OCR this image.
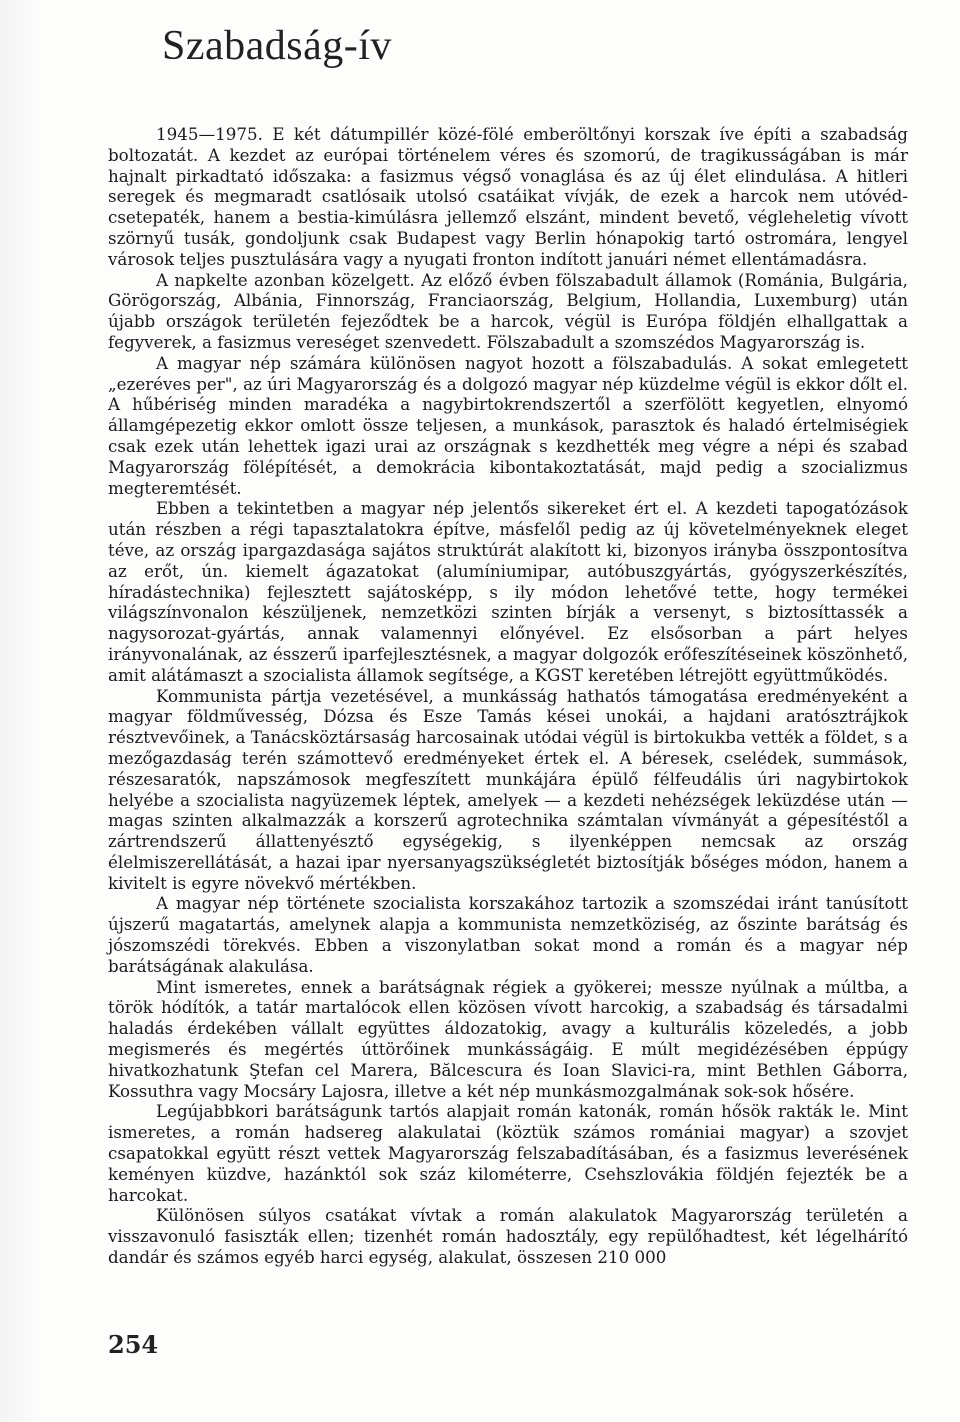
Szabadság-ív

1945—1975. E két dátumpillér közé-fölé emberöltőnyi korszak íve építi a szabadság boltozatát. A kezdet az európai történelem véres és szomorú, de tragikusságában is már hajnalt pirkadtató időszaka: a fasizmus végső vonaglása és az új élet elindulása. A hitleri seregek és megmaradt csatlósaik utolsó csatáikat vívják, de ezek a harcok nem utóvéd-csetepaték, hanem a bestia-kimúlásra jellemző elszánt, mindent bevető, végleheletig vívott szörnyű tusák, gondoljunk csak Budapest vagy Berlin hónapokig tartó ostromára, lengyel városok teljes pusztulására vagy a nyugati fronton indított januári német ellentámadásra.

A napkelte azonban közelgett. Az előző évben fölszabadult államok (Románia, Bulgária, Görögország, Albánia, Finnország, Franciaország, Belgium, Hollandia, Luxemburg) után újabb országok területén fejeződtek be a harcok, végül is Európa földjén elhallgattak a fegyverek, a fasizmus vereséget szenvedett. Fölszabadult a szomszédos Magyarország is.

A magyar nép számára különösen nagyot hozott a fölszabadulás. A sokat emlegetett „ezeréves per", az úri Magyarország és a dolgozó magyar nép küzdelme végül is ekkor dőlt el. A hűbériség minden maradéka a nagybirtokrendszertől a szerfölött kegyetlen, elnyomó államgépezetig ekkor omlott össze teljesen, a munkások, parasztok és haladó értelmiségiek csak ezek után lehettek igazi urai az országnak s kezdhették meg végre a népi és szabad Magyarország fölépítését, a demokrácia kibontakoztatását, majd pedig a szocializmus megteremtését.

Ebben a tekintetben a magyar nép jelentős sikereket ért el. A kezdeti tapogatózások után részben a régi tapasztalatokra építve, másfelől pedig az új követelményeknek eleget téve, az ország ipargazdasága sajátos struktúrát alakított ki, bizonyos irányba összpontosítva az erőt, ún. kiemelt ágazatokat (alumíniumipar, autóbuszgyártás, gyógyszerkészítés, híradástechnika) fejlesztett sajátosképp, s ily módon lehetővé tette, hogy termékei világszínvonalon készüljenek, nemzetközi szinten bírják a versenyt, s biztosíttassék a nagysorozat-gyártás, annak valamennyi előnyével. Ez elsősorban a párt helyes irányvonalának, az ésszerű iparfejlesztésnek, a magyar dolgozók erőfeszítéseinek köszönhető, amit alátámaszt a szocialista államok segítsége, a KGST keretében létrejött együttműködés.

Kommunista pártja vezetésével, a munkásság hathatós támogatása eredményeként a magyar földművesség, Dózsa és Esze Tamás kései unokái, a hajdani aratósztrájkok résztvevőinek, a Tanácsköztársaság harcosainak utódai végül is birtokukba vették a földet, s a mezőgazdaság terén számottevő eredményeket értek el. A béresek, cselédek, summások, részesaratók, napszámosok megfeszített munkájára épülő félfeudális úri nagybirtokok helyébe a szocialista nagyüzemek léptek, amelyek — a kezdeti nehézségek leküzdése után — magas szinten alkalmazzák a korszerű agrotechnika számtalan vívmányát a gépesítéstől a zártrendszerű állattenyésztő egységekig, s ilyenképpen nemcsak az ország élelmiszerellátását, a hazai ipar nyersanyagszükségletét biztosítják bőséges módon, hanem a kivitelt is egyre növekvő mértékben.

A magyar nép története szocialista korszakához tartozik a szomszédai iránt tanúsított újszerű magatartás, amelynek alapja a kommunista nemzetköziség, az őszinte barátság és jószomszédi törekvés. Ebben a viszonylatban sokat mond a román és a magyar nép barátságának alakulása.

Mint ismeretes, ennek a barátságnak régiek a gyökerei; messze nyúlnak a múltba, a török hódítók, a tatár martalócok ellen közösen vívott harcokig, a szabadság és társadalmi haladás érdekében vállalt együttes áldozatokig, avagy a kulturális közeledés, a jobb megismerés és megértés úttörőinek munkásságáig. E múlt megidézésében éppúgy hivatkozhatunk Ştefan cel Marera, Bălcescura és Ioan Slavici-ra, mint Bethlen Gáborra, Kossuthra vagy Mocsáry Lajosra, illetve a két nép munkásmozgalmának sok-sok hősére.

Legújabbkori barátságunk tartós alapjait román katonák, román hősök rakták le. Mint ismeretes, a román hadsereg alakulatai (köztük számos romániai magyar) a szovjet csapatokkal együtt részt vettek Magyarország felszabadításában, és a fasizmus leverésének keményen küzdve, hazánktól sok száz kilométerre, Csehszlovákia földjén fejezték be a harcokat.

Különösen súlyos csatákat vívtak a román alakulatok Magyarország területén a visszavonuló fasiszták ellen; tizenhét román hadosztály, egy repülőhadtest, két légelhárító dandár és számos egyéb harci egység, alakulat, összesen 210 000

254
